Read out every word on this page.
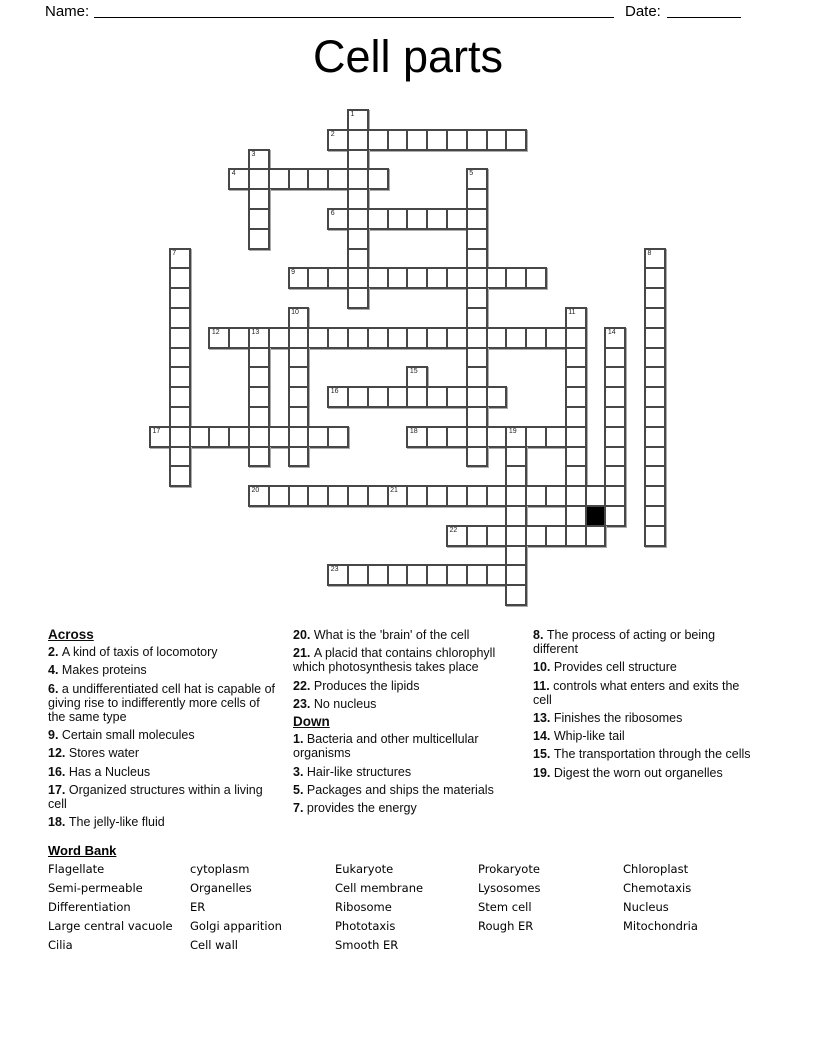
Name:	Date:
Cell parts
1
2
3
4	5
6
7	8
9
10	11
12	13	14
15
16
17	18	19
20	21
22
23
Across

2. A kind of taxis of locomotory

4. Makes proteins

6. a undifferentiated cell hat is capable of giving rise to indifferently more cells of the same type

9. Certain small molecules

12. Stores water

16. Has a Nucleus

17. Organized structures within a living cell

18. The jelly-like fluid

20. What is the 'brain' of the cell

21. A placid that contains chlorophyll which photosynthesis takes place

22. Produces the lipids

23. No nucleus

Down

1. Bacteria and other multicellular organisms

3. Hair-like structures

5. Packages and ships the materials

7. provides the energy

8. The process of acting or being different

10. Provides cell structure

11. controls what enters and exits the cell

13. Finishes the ribosomes

14. Whip-like tail

15. The transportation through the cells

19. Digest the worn out organelles

Word Bank
Flagellate
Semi-permeable
Differentiation
Large central vacuole
Cilia
cytoplasm
Organelles
ER
Golgi apparition
Cell wall
Eukaryote
Cell membrane
Ribosome
Phototaxis
Smooth ER
Prokaryote
Lysosomes
Stem cell
Rough ER
Chloroplast
Chemotaxis
Nucleus
Mitochondria
